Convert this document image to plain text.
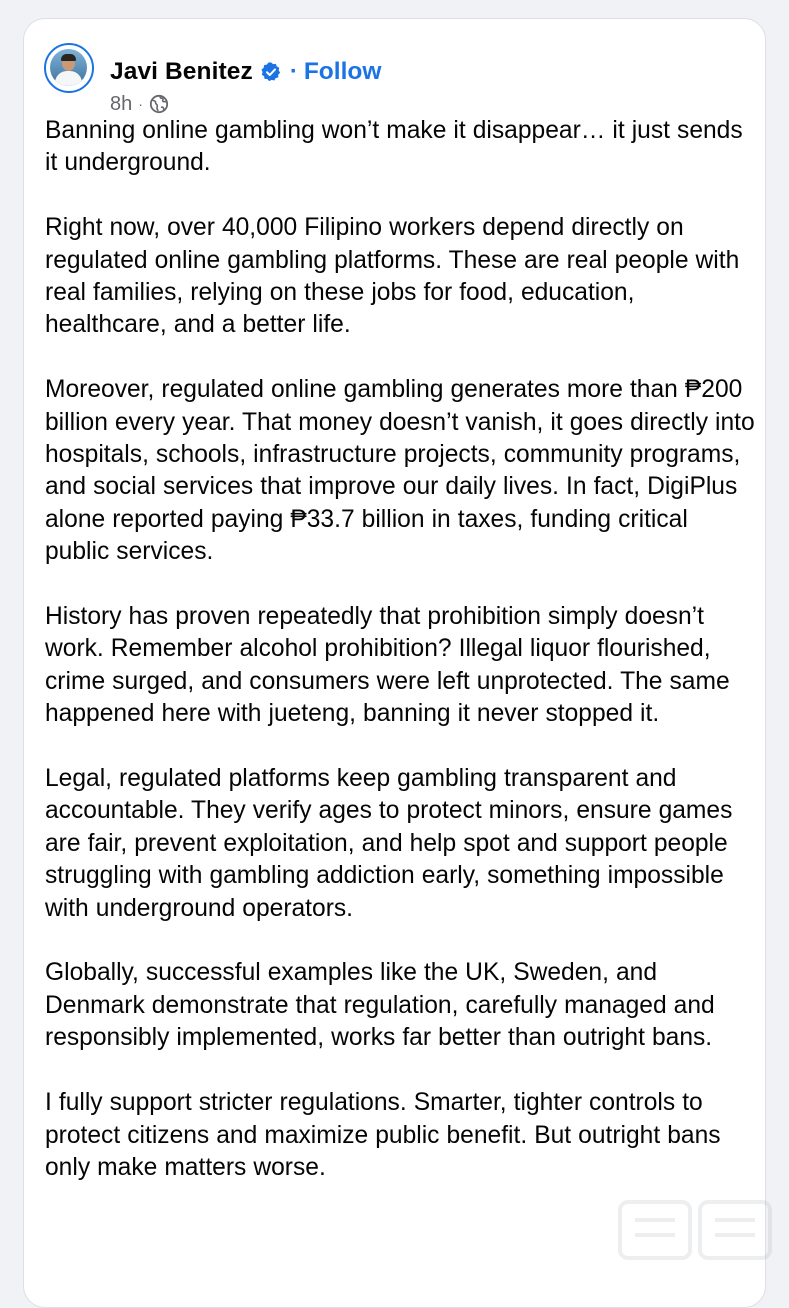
Javi Benitez · Follow
8h ·

Banning online gambling won’t make it disappear… it just sends it underground.

Right now, over 40,000 Filipino workers depend directly on regulated online gambling platforms. These are real people with real families, relying on these jobs for food, education, healthcare, and a better life.

Moreover, regulated online gambling generates more than ₱200 billion every year. That money doesn’t vanish, it goes directly into hospitals, schools, infrastructure projects, community programs, and social services that improve our daily lives. In fact, DigiPlus alone reported paying ₱33.7 billion in taxes, funding critical public services.

History has proven repeatedly that prohibition simply doesn’t work. Remember alcohol prohibition? Illegal liquor flourished, crime surged, and consumers were left unprotected. The same happened here with jueteng, banning it never stopped it.

Legal, regulated platforms keep gambling transparent and accountable. They verify ages to protect minors, ensure games are fair, prevent exploitation, and help spot and support people struggling with gambling addiction early, something impossible with underground operators.

Globally, successful examples like the UK, Sweden, and Denmark demonstrate that regulation, carefully managed and responsibly implemented, works far better than outright bans.

I fully support stricter regulations. Smarter, tighter controls to protect citizens and maximize public benefit. But outright bans only make matters worse.
